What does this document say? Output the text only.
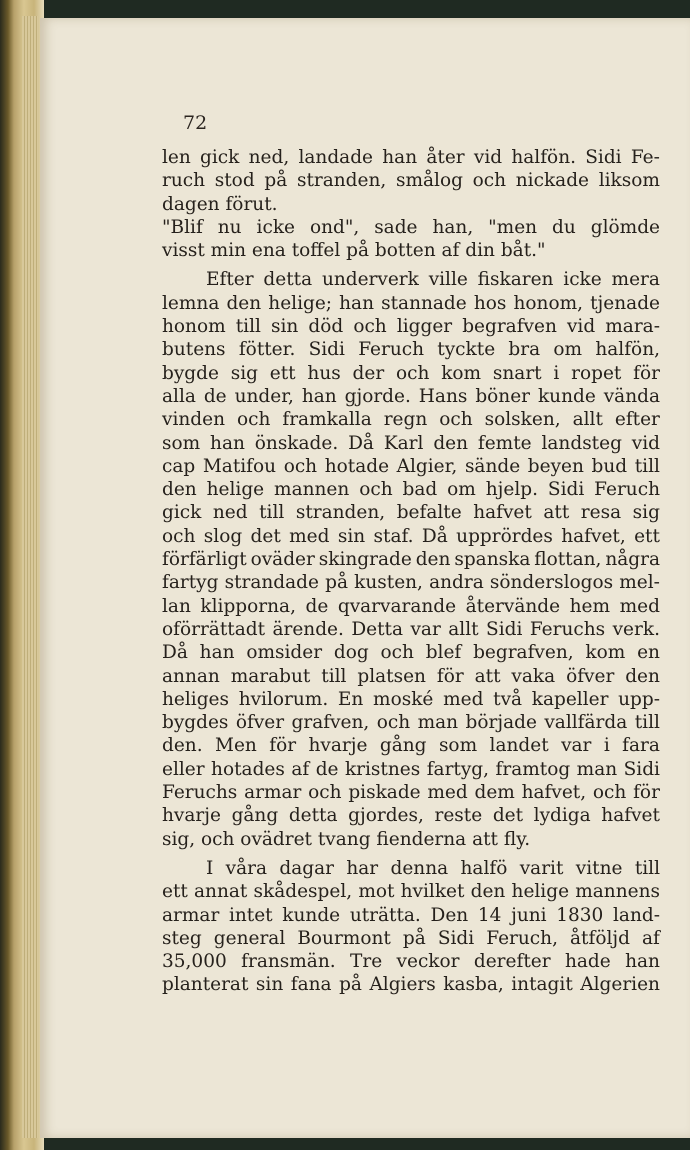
72
len gick ned, landade han åter vid halfön. Sidi Fe-
ruch stod på stranden, smålog och nickade liksom
dagen förut.
"Blif nu icke ond", sade han, "men du glömde
visst min ena toffel på botten af din båt."
Efter detta underverk ville fiskaren icke mera
lemna den helige; han stannade hos honom, tjenade
honom till sin död och ligger begrafven vid mara-
butens fötter. Sidi Feruch tyckte bra om halfön,
bygde sig ett hus der och kom snart i ropet för
alla de under, han gjorde. Hans böner kunde vända
vinden och framkalla regn och solsken, allt efter
som han önskade. Då Karl den femte landsteg vid
cap Matifou och hotade Algier, sände beyen bud till
den helige mannen och bad om hjelp. Sidi Feruch
gick ned till stranden, befalte hafvet att resa sig
och slog det med sin staf. Då upprördes hafvet, ett
förfärligt oväder skingrade den spanska flottan, några
fartyg strandade på kusten, andra sönderslogos mel-
lan klipporna, de qvarvarande återvände hem med
oförrättadt ärende. Detta var allt Sidi Feruchs verk.
Då han omsider dog och blef begrafven, kom en
annan marabut till platsen för att vaka öfver den
heliges hvilorum. En moské med två kapeller upp-
bygdes öfver grafven, och man började vallfärda till
den. Men för hvarje gång som landet var i fara
eller hotades af de kristnes fartyg, framtog man Sidi
Feruchs armar och piskade med dem hafvet, och för
hvarje gång detta gjordes, reste det lydiga hafvet
sig, och ovädret tvang fienderna att fly.
I våra dagar har denna halfö varit vitne till
ett annat skådespel, mot hvilket den helige mannens
armar intet kunde uträtta. Den 14 juni 1830 land-
steg general Bourmont på Sidi Feruch, åtföljd af
35,000 fransmän. Tre veckor derefter hade han
planterat sin fana på Algiers kasba, intagit Algerien
